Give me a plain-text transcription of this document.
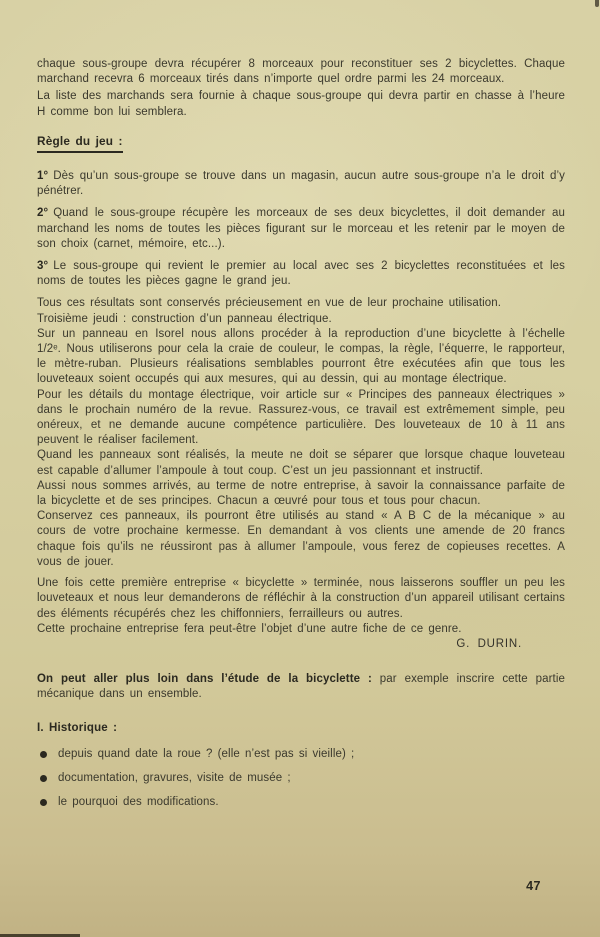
chaque sous-groupe devra récupérer 8 morceaux pour reconstituer ses 2 bicyclettes. Chaque marchand recevra 6 morceaux tirés dans n’importe quel ordre parmi les 24 morceaux.

La liste des marchands sera fournie à chaque sous-groupe qui devra partir en chasse à l’heure H comme bon lui semblera.

Règle du jeu :

1° Dès qu’un sous-groupe se trouve dans un magasin, aucun autre sous-groupe n’a le droit d’y pénétrer.

2° Quand le sous-groupe récupère les morceaux de ses deux bicyclettes, il doit demander au marchand les noms de toutes les pièces figurant sur le morceau et les retenir par le moyen de son choix (carnet, mémoire, etc...).

3° Le sous-groupe qui revient le premier au local avec ses 2 bicyclettes reconstituées et les noms de toutes les pièces gagne le grand jeu.

Tous ces résultats sont conservés précieusement en vue de leur prochaine utilisation.

Troisième jeudi : construction d’un panneau électrique.

Sur un panneau en Isorel nous allons procéder à la reproduction d’une bicyclette à l’échelle 1/2ᵉ. Nous utiliserons pour cela la craie de couleur, le compas, la règle, l’équerre, le rapporteur, le mètre-ruban. Plusieurs réalisations semblables pourront être exécutées afin que tous les louveteaux soient occupés qui aux mesures, qui au dessin, qui au montage électrique.

Pour les détails du montage électrique, voir article sur « Principes des panneaux électriques » dans le prochain numéro de la revue. Rassurez-vous, ce travail est extrêmement simple, peu onéreux, et ne demande aucune compétence particulière. Des louveteaux de 10 à 11 ans peuvent le réaliser facilement.

Quand les panneaux sont réalisés, la meute ne doit se séparer que lorsque chaque louveteau est capable d’allumer l’ampoule à tout coup. C’est un jeu passionnant et instructif.

Aussi nous sommes arrivés, au terme de notre entreprise, à savoir la connaissance parfaite de la bicyclette et de ses principes. Chacun a œuvré pour tous et tous pour chacun.

Conservez ces panneaux, ils pourront être utilisés au stand « A B C de la mécanique » au cours de votre prochaine kermesse. En demandant à vos clients une amende de 20 francs chaque fois qu’ils ne réussiront pas à allumer l’ampoule, vous ferez de copieuses recettes. A vous de jouer.

Une fois cette première entreprise « bicyclette » terminée, nous laisserons souffler un peu les louveteaux et nous leur demanderons de réfléchir à la construction d’un appareil utilisant certains des éléments récupérés chez les chiffonniers, ferrailleurs ou autres.

Cette prochaine entreprise fera peut-être l’objet d’une autre fiche de ce genre.

G. DURIN.

On peut aller plus loin dans l’étude de la bicyclette : par exemple inscrire cette partie mécanique dans un ensemble.

I. Historique :

depuis quand date la roue ? (elle n’est pas si vieille) ;
documentation, gravures, visite de musée ;
le pourquoi des modifications.
47
